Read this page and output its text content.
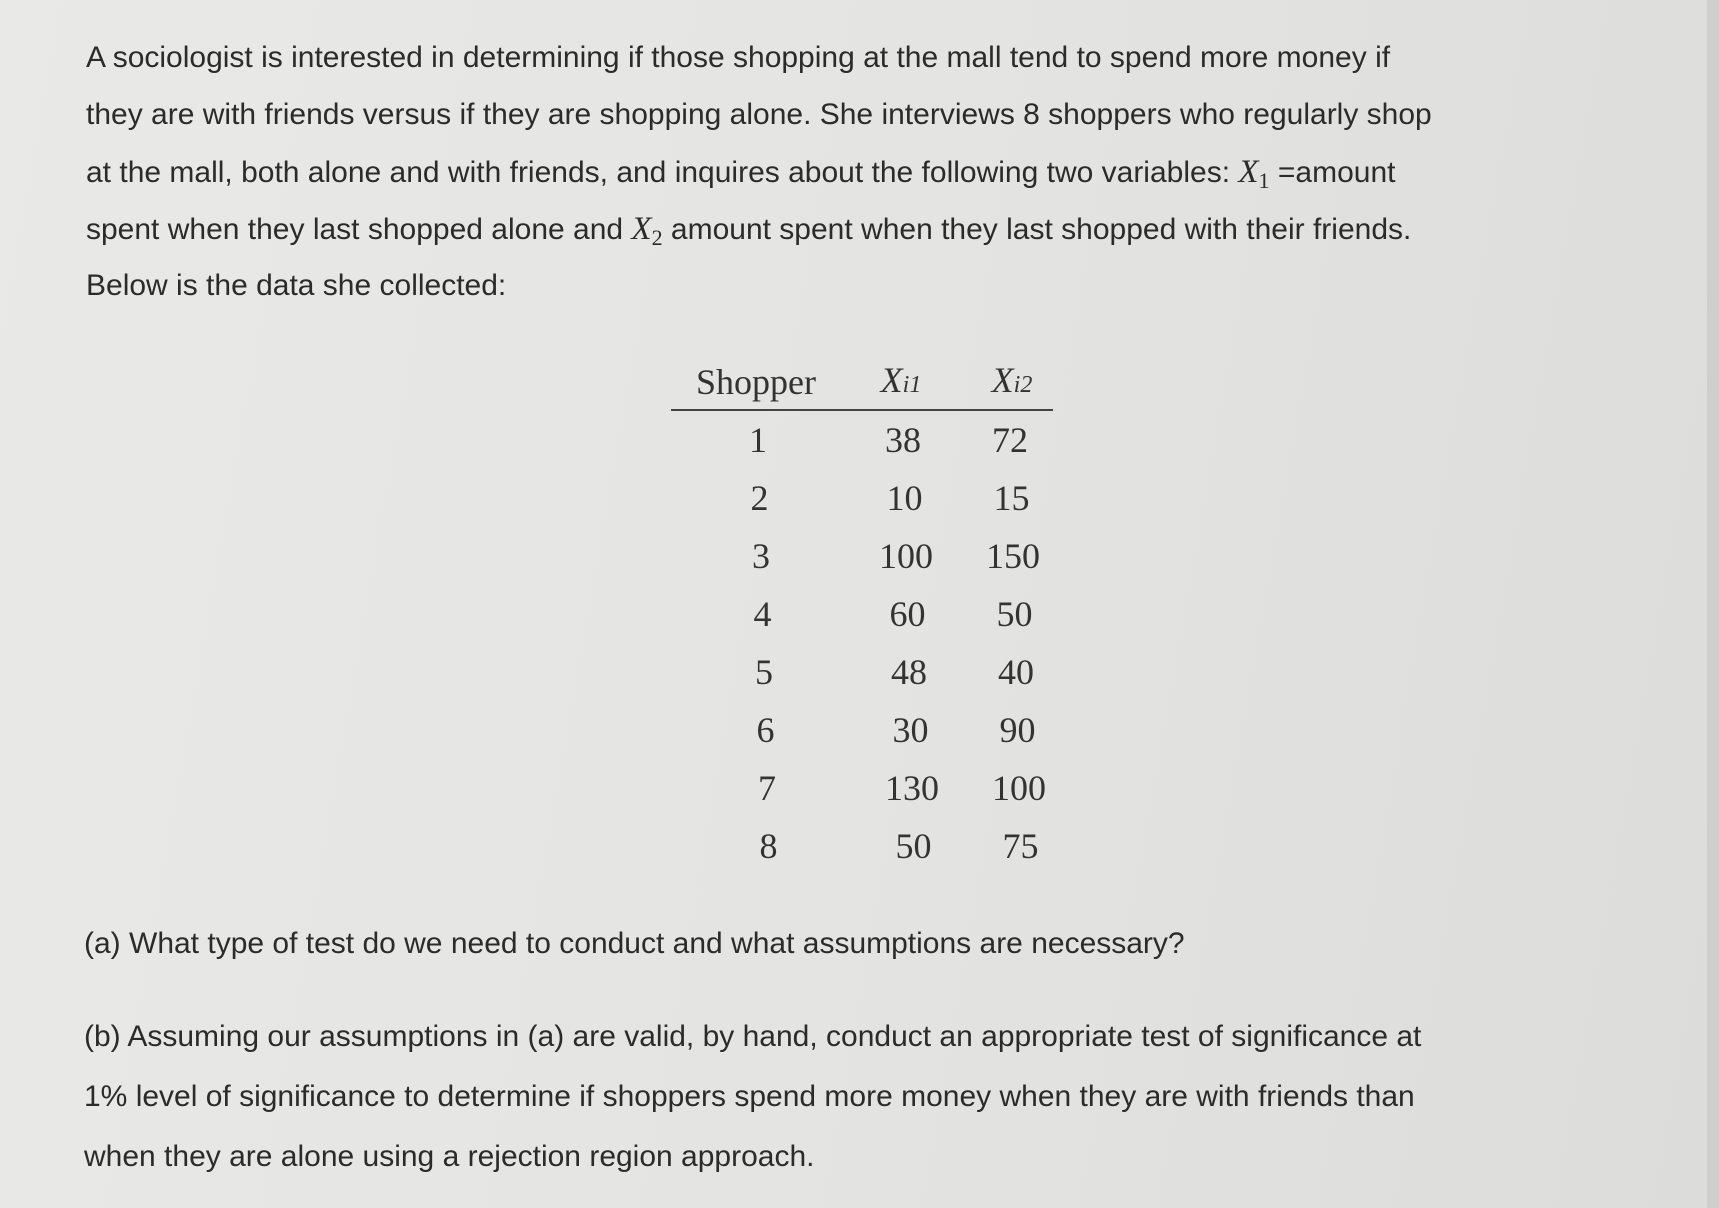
A sociologist is interested in determining if those shopping at the mall tend to spend more money if
they are with friends versus if they are shopping alone. She interviews 8 shoppers who regularly shop
at the mall, both alone and with friends, and inquires about the following two variables: $X_1$ =amount
spent when they last shopped alone and $X_2$ amount spent when they last shopped with their friends.
Below is the data she collected:
Shopper	Xi1	Xi2
1	38	72
2	10	15
3	100	150
4	60	50
5	48	40
6	30	90
7	130	100
8	50	75
(a) What type of test do we need to conduct and what assumptions are necessary?
(b) Assuming our assumptions in (a) are valid, by hand, conduct an appropriate test of significance at
1% level of significance to determine if shoppers spend more money when they are with friends than
when they are alone using a rejection region approach.
